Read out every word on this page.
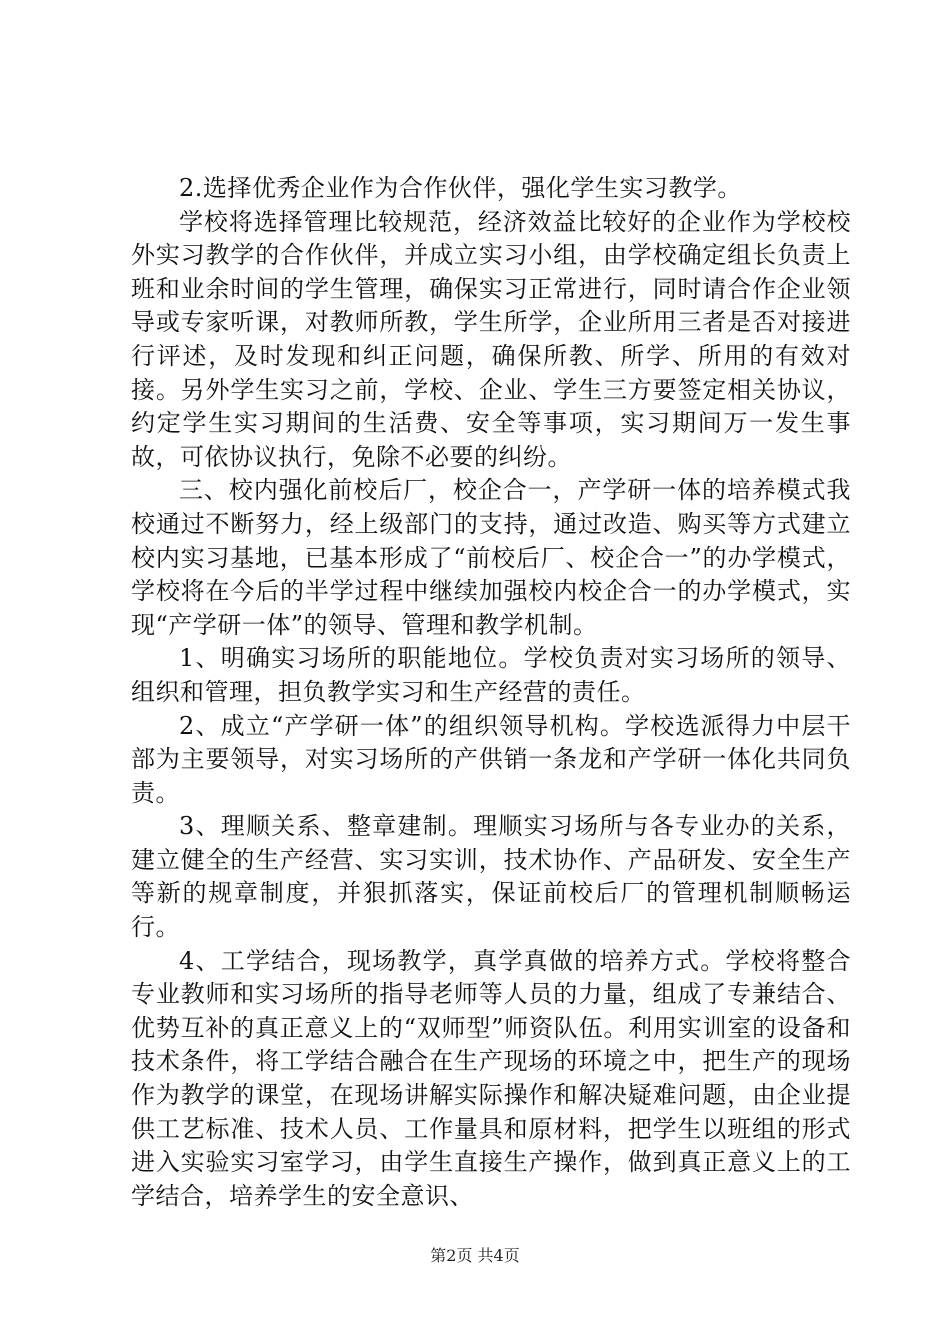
2.选择优秀企业作为合作伙伴，强化学生实习教学。

学校将选择管理比较规范，经济效益比较好的企业作为学校校外实习教学的合作伙伴，并成立实习小组，由学校确定组长负责上班和业余时间的学生管理，确保实习正常进行，同时请合作企业领导或专家听课，对教师所教，学生所学，企业所用三者是否对接进行评述，及时发现和纠正问题，确保所教、所学、所用的有效对接。另外学生实习之前，学校、企业、学生三方要签定相关协议，约定学生实习期间的生活费、安全等事项，实习期间万一发生事故，可依协议执行，免除不必要的纠纷。

三、校内强化前校后厂，校企合一，产学研一体的培养模式我校通过不断努力，经上级部门的支持，通过改造、购买等方式建立校内实习基地，已基本形成了“前校后厂、校企合一”的办学模式，学校将在今后的半学过程中继续加强校内校企合一的办学模式，实现“产学研一体”的领导、管理和教学机制。

1、明确实习场所的职能地位。学校负责对实习场所的领导、组织和管理，担负教学实习和生产经营的责任。

2、成立“产学研一体”的组织领导机构。学校选派得力中层干部为主要领导，对实习场所的产供销一条龙和产学研一体化共同负责。

3、理顺关系、整章建制。理顺实习场所与各专业办的关系，建立健全的生产经营、实习实训，技术协作、产品研发、安全生产等新的规章制度，并狠抓落实，保证前校后厂的管理机制顺畅运行。

4、工学结合，现场教学，真学真做的培养方式。学校将整合专业教师和实习场所的指导老师等人员的力量，组成了专兼结合、优势互补的真正意义上的“双师型”师资队伍。利用实训室的设备和技术条件，将工学结合融合在生产现场的环境之中，把生产的现场作为教学的课堂，在现场讲解实际操作和解决疑难问题，由企业提供工艺标准、技术人员、工作量具和原材料，把学生以班组的形式进入实验实习室学习，由学生直接生产操作，做到真正意义上的工学结合，培养学生的安全意识、

第2页 共4页
